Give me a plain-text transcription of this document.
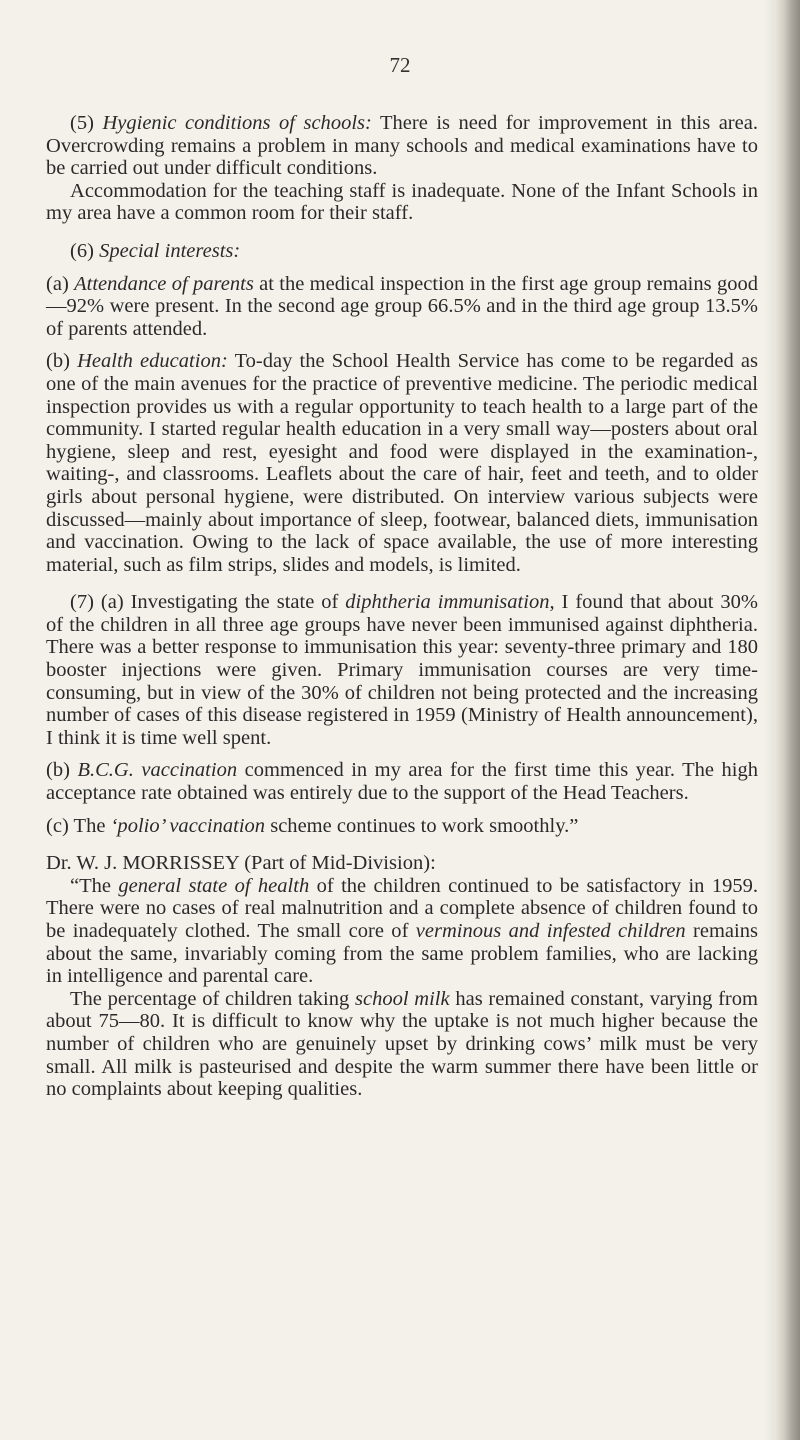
72

(5) Hygienic conditions of schools: There is need for improvement in this area. Overcrowding remains a problem in many schools and medical examinations have to be carried out under difficult conditions.

Accommodation for the teaching staff is inadequate. None of the Infant Schools in my area have a common room for their staff.

(6) Special interests:

(a) Attendance of parents at the medical inspection in the first age group remains good—92% were present. In the second age group 66.5% and in the third age group 13.5% of parents attended.

(b) Health education: To-day the School Health Service has come to be regarded as one of the main avenues for the practice of preventive medicine. The periodic medical inspection provides us with a regular opportunity to teach health to a large part of the community. I started regular health education in a very small way—posters about oral hygiene, sleep and rest, eyesight and food were displayed in the examination-, waiting-, and classrooms. Leaflets about the care of hair, feet and teeth, and to older girls about personal hygiene, were distributed. On interview various subjects were discussed—mainly about importance of sleep, footwear, balanced diets, immunisation and vaccination. Owing to the lack of space available, the use of more interesting material, such as film strips, slides and models, is limited.

(7) (a) Investigating the state of diphtheria immunisation, I found that about 30% of the children in all three age groups have never been immunised against diphtheria. There was a better response to immunisation this year: seventy-three primary and 180 booster injections were given. Primary immunisation courses are very time-consuming, but in view of the 30% of children not being protected and the increasing number of cases of this disease registered in 1959 (Ministry of Health announcement), I think it is time well spent.

(b) B.C.G. vaccination commenced in my area for the first time this year. The high acceptance rate obtained was entirely due to the support of the Head Teachers.

(c) The ‘polio’ vaccination scheme continues to work smoothly.”

Dr. W. J. MORRISSEY (Part of Mid-Division):

“The general state of health of the children continued to be satisfactory in 1959. There were no cases of real malnutrition and a complete absence of children found to be inadequately clothed. The small core of verminous and infested children remains about the same, invariably coming from the same problem families, who are lacking in intelligence and parental care.

The percentage of children taking school milk has remained constant, varying from about 75—80. It is difficult to know why the uptake is not much higher because the number of children who are genuinely upset by drinking cows’ milk must be very small. All milk is pasteurised and despite the warm summer there have been little or no complaints about keeping qualities.
